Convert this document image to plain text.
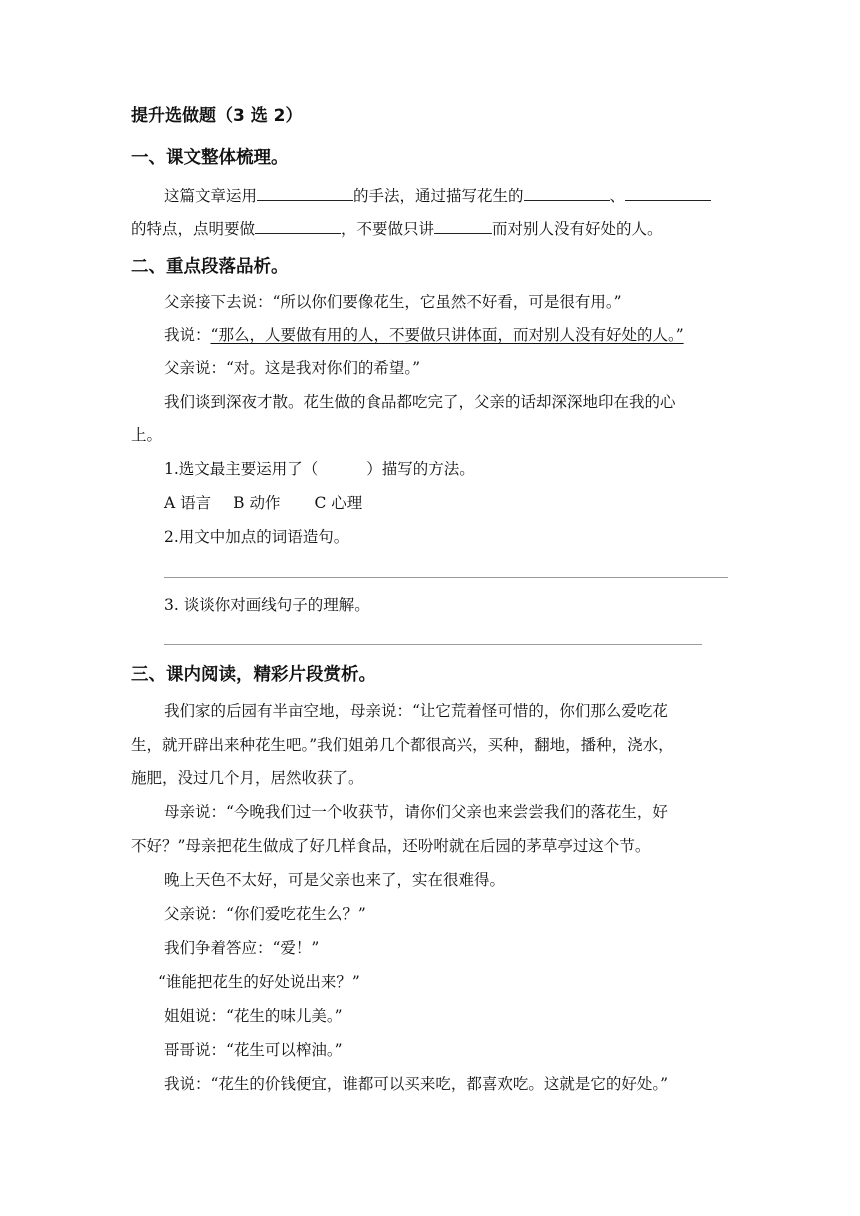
提升选做题（3 选 2）
一、课文整体梳理。
这篇文章运用	的手法，通过描写花生的	、
的特点，点明要做	，不要做只讲	而对别人没有好处的人。
二、重点段落品析。
父亲接下去说：“所以你们要像花生，它虽然不好看，可是很有用。”
我说：“那么，人要做有用的人，不要做只讲体面，而对别人没有好处的人。”
父亲说：“对。这是我对你们的希望。”
我们谈到深夜才散。花生做的食品都吃完了，父亲的话却深深地印在我的心
上。
1.选文最主要运用了（	）描写的方法。
A 语言 B 动作 C 心理
2.用文中加点的词语造句。
3. 谈谈你对画线句子的理解。
三、课内阅读，精彩片段赏析。
我们家的后园有半亩空地，母亲说：“让它荒着怪可惜的，你们那么爱吃花
生，就开辟出来种花生吧。”我们姐弟几个都很高兴，买种，翻地，播种，浇水，
施肥，没过几个月，居然收获了。
母亲说：“今晚我们过一个收获节，请你们父亲也来尝尝我们的落花生，好
不好？”母亲把花生做成了好几样食品，还吩咐就在后园的茅草亭过这个节。
晚上天色不太好，可是父亲也来了，实在很难得。
父亲说：“你们爱吃花生么？”
我们争着答应：“爱！”
“谁能把花生的好处说出来？”
姐姐说：“花生的味儿美。”
哥哥说：“花生可以榨油。”
我说：“花生的价钱便宜，谁都可以买来吃，都喜欢吃。这就是它的好处。”
